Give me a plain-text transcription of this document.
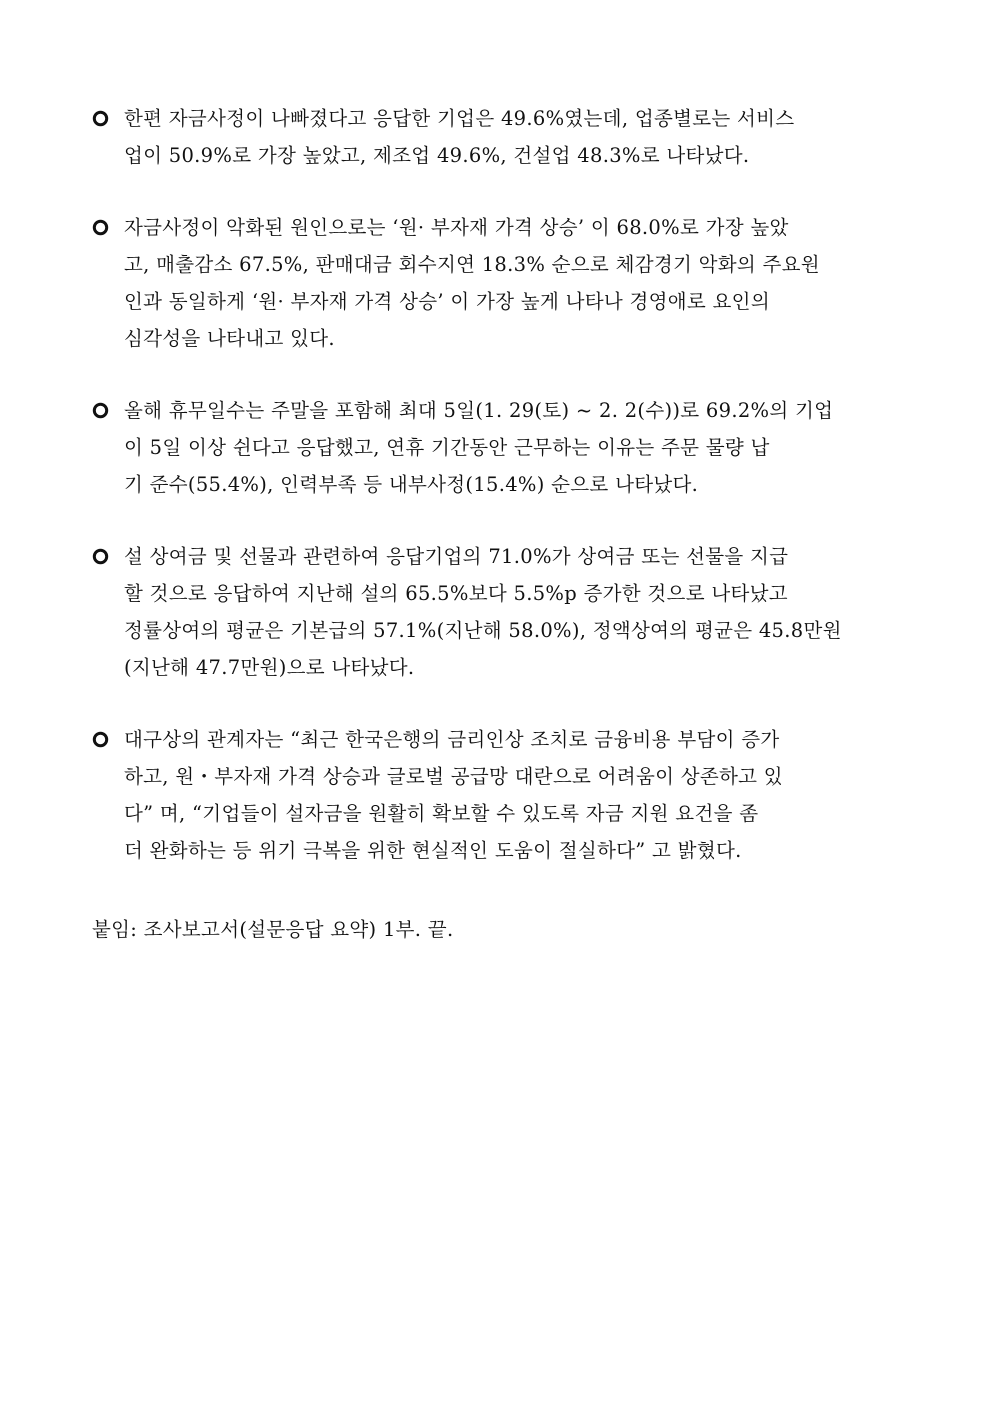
한편 자금사정이 나빠졌다고 응답한 기업은 49.6%였는데, 업종별로는 서비스
업이 50.9%로 가장 높았고, 제조업 49.6%, 건설업 48.3%로 나타났다.
자금사정이 악화된 원인으로는 ‘원· 부자재 가격 상승’ 이 68.0%로 가장 높았
고, 매출감소 67.5%, 판매대금 회수지연 18.3% 순으로 체감경기 악화의 주요원
인과 동일하게 ‘원· 부자재 가격 상승’ 이 가장 높게 나타나 경영애로 요인의
심각성을 나타내고 있다.
올해 휴무일수는 주말을 포함해 최대 5일(1. 29(토) ~ 2. 2(수))로 69.2%의 기업
이 5일 이상 쉰다고 응답했고, 연휴 기간동안 근무하는 이유는 주문 물량 납
기 준수(55.4%), 인력부족 등 내부사정(15.4%) 순으로 나타났다.
설 상여금 및 선물과 관련하여 응답기업의 71.0%가 상여금 또는 선물을 지급
할 것으로 응답하여 지난해 설의 65.5%보다 5.5%p 증가한 것으로 나타났고
정률상여의 평균은 기본급의 57.1%(지난해 58.0%), 정액상여의 평균은 45.8만원
(지난해 47.7만원)으로 나타났다.
대구상의 관계자는 “최근 한국은행의 금리인상 조치로 금융비용 부담이 증가
하고, 원・부자재 가격 상승과 글로벌 공급망 대란으로 어려움이 상존하고 있
다” 며, “기업들이 설자금을 원활히 확보할 수 있도록 자금 지원 요건을 좀
더 완화하는 등 위기 극복을 위한 현실적인 도움이 절실하다” 고 밝혔다.
붙임: 조사보고서(설문응답 요약) 1부. 끝.
